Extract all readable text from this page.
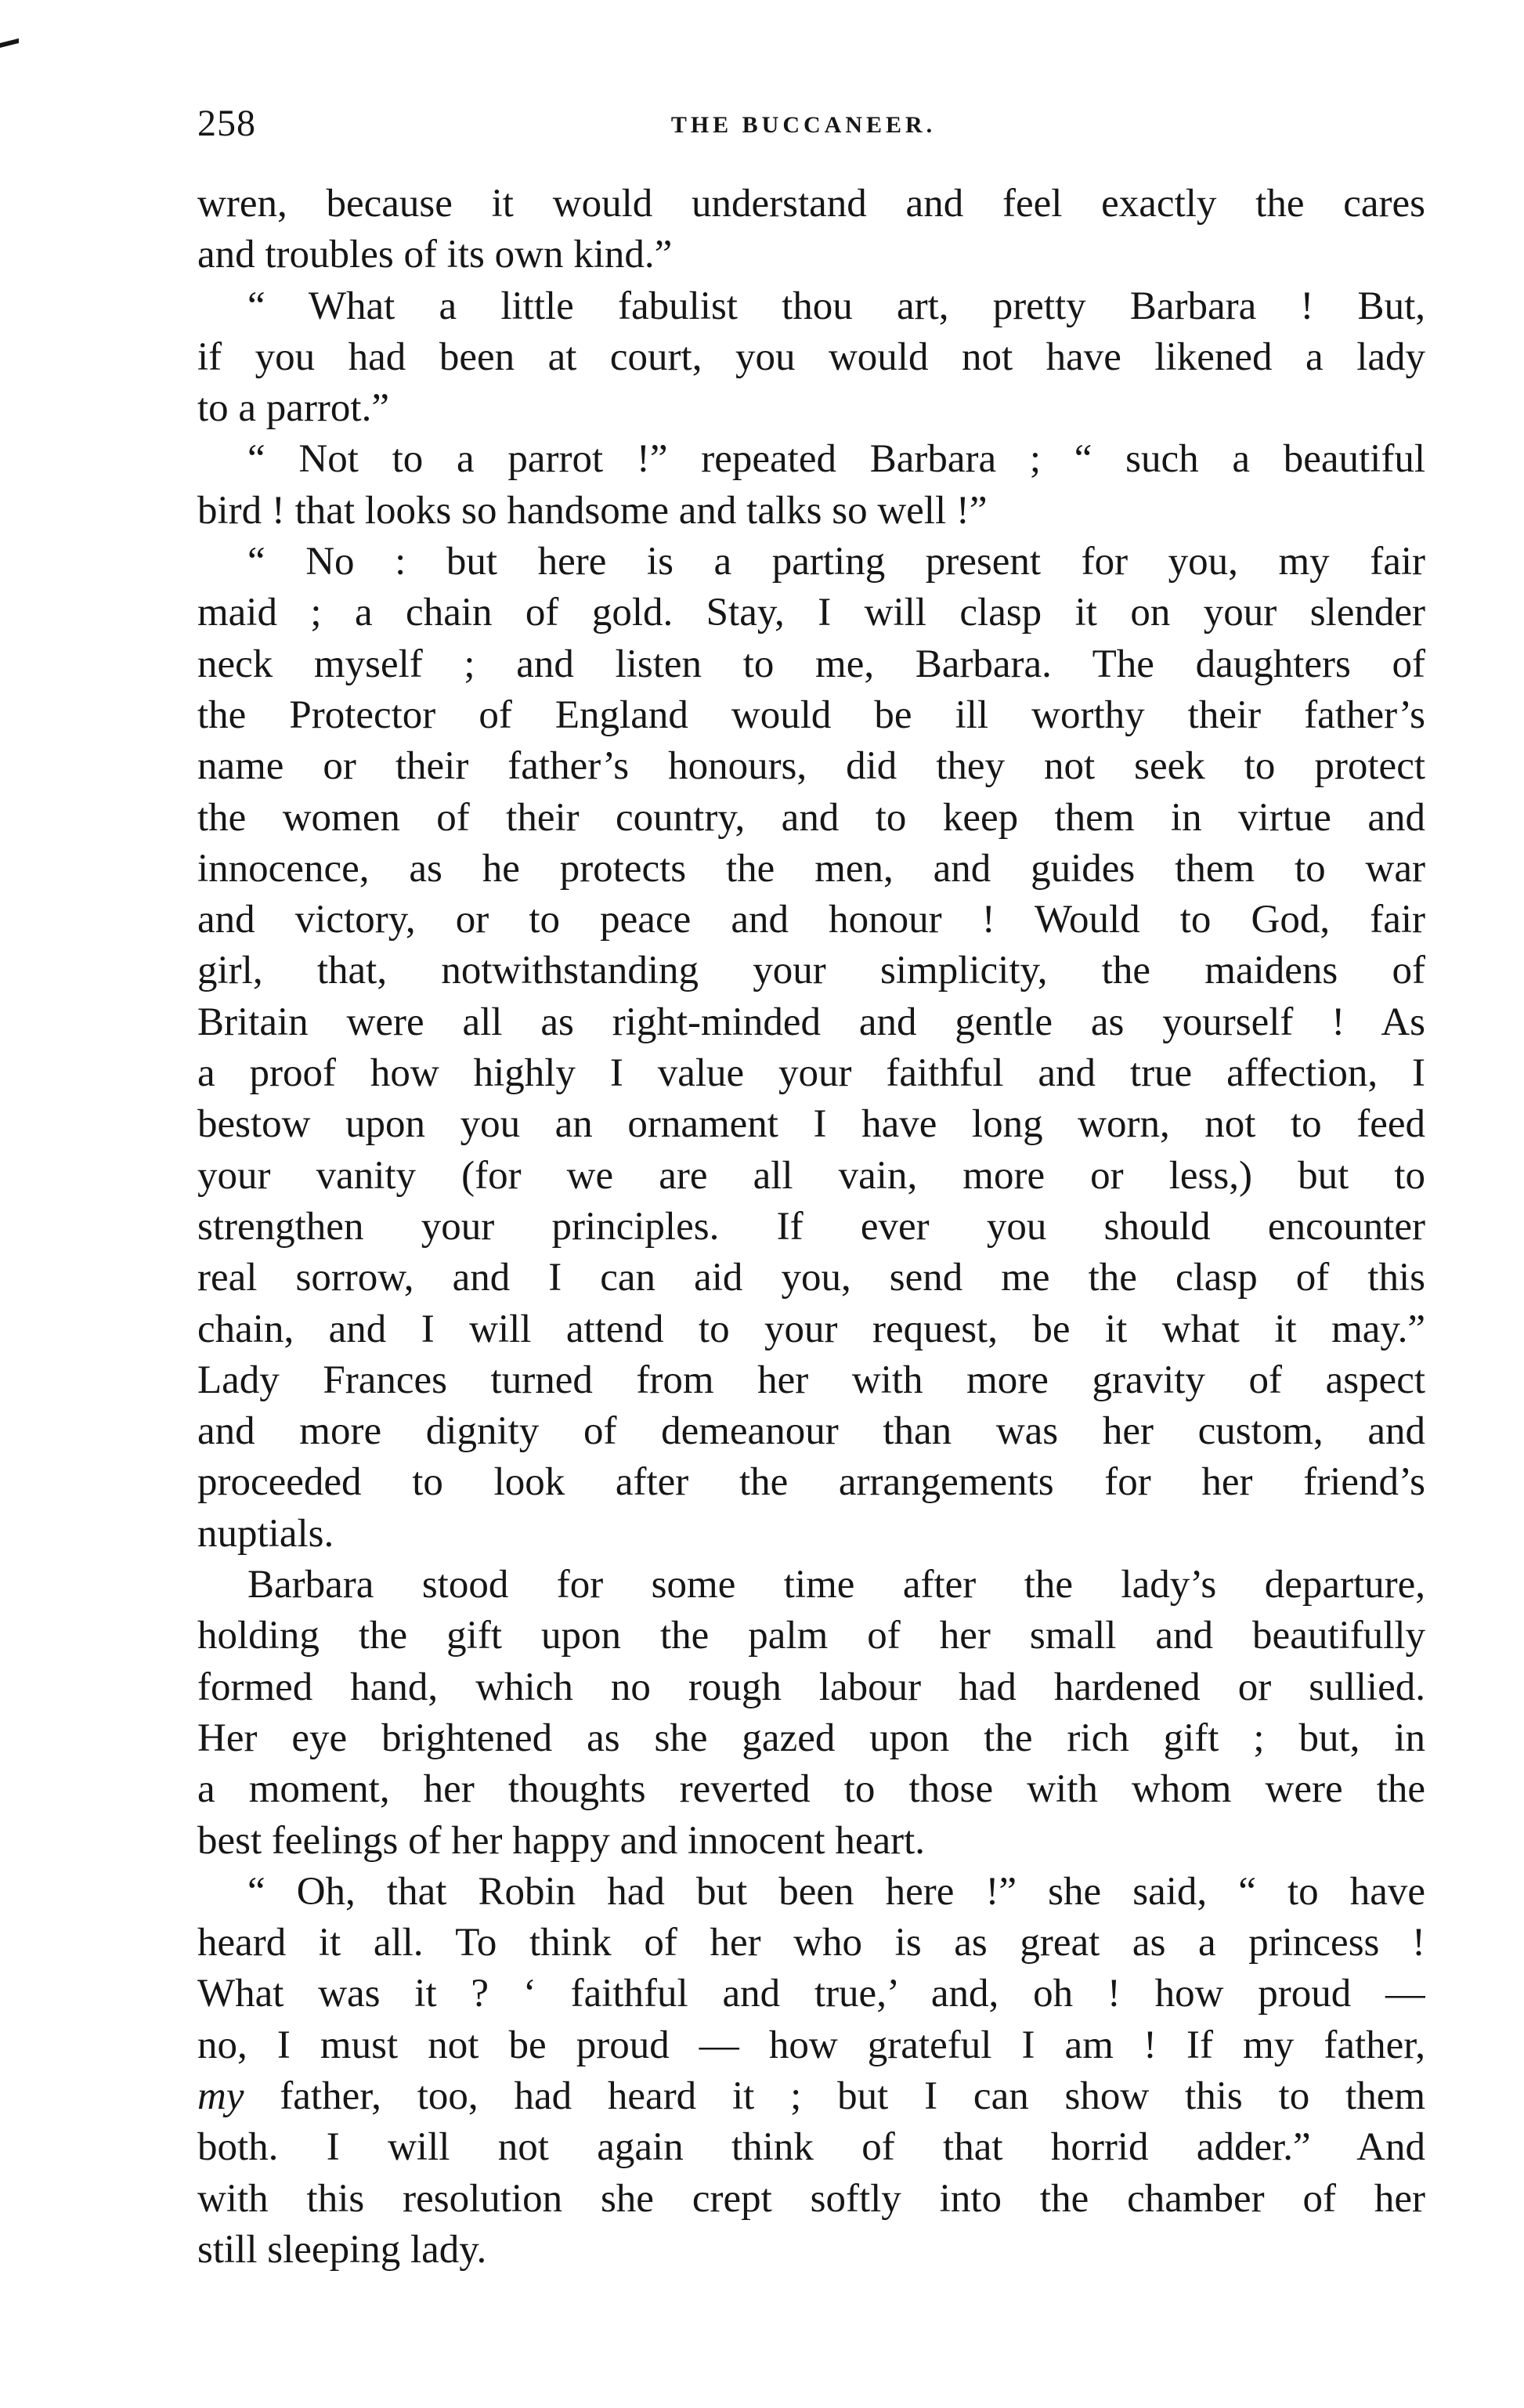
258	THE BUCCANEER.
wren, because it would understand and feel exactly the cares
and troubles of its own kind.”
“ What a little fabulist thou art, pretty Barbara ! But,
if you had been at court, you would not have likened a lady
to a parrot.”
“ Not to a parrot !” repeated Barbara ; “ such a beautiful
bird ! that looks so handsome and talks so well !”
“ No : but here is a parting present for you, my fair
maid ; a chain of gold. Stay, I will clasp it on your slender
neck myself ; and listen to me, Barbara. The daughters of
the Protector of England would be ill worthy their father’s
name or their father’s honours, did they not seek to protect
the women of their country, and to keep them in virtue and
innocence, as he protects the men, and guides them to war
and victory, or to peace and honour ! Would to God, fair
girl, that, notwithstanding your simplicity, the maidens of
Britain were all as right-minded and gentle as yourself ! As
a proof how highly I value your faithful and true affection, I
bestow upon you an ornament I have long worn, not to feed
your vanity (for we are all vain, more or less,) but to
strengthen your principles. If ever you should encounter
real sorrow, and I can aid you, send me the clasp of this
chain, and I will attend to your request, be it what it may.”
Lady Frances turned from her with more gravity of aspect
and more dignity of demeanour than was her custom, and
proceeded to look after the arrangements for her friend’s
nuptials.
Barbara stood for some time after the lady’s departure,
holding the gift upon the palm of her small and beautifully
formed hand, which no rough labour had hardened or sullied.
Her eye brightened as she gazed upon the rich gift ; but, in
a moment, her thoughts reverted to those with whom were the
best feelings of her happy and innocent heart.
“ Oh, that Robin had but been here !” she said, “ to have
heard it all. To think of her who is as great as a princess !
What was it ? ‘ faithful and true,’ and, oh ! how proud —
no, I must not be proud — how grateful I am ! If my father,
my father, too, had heard it ; but I can show this to them
both. I will not again think of that horrid adder.” And
with this resolution she crept softly into the chamber of her
still sleeping lady.
